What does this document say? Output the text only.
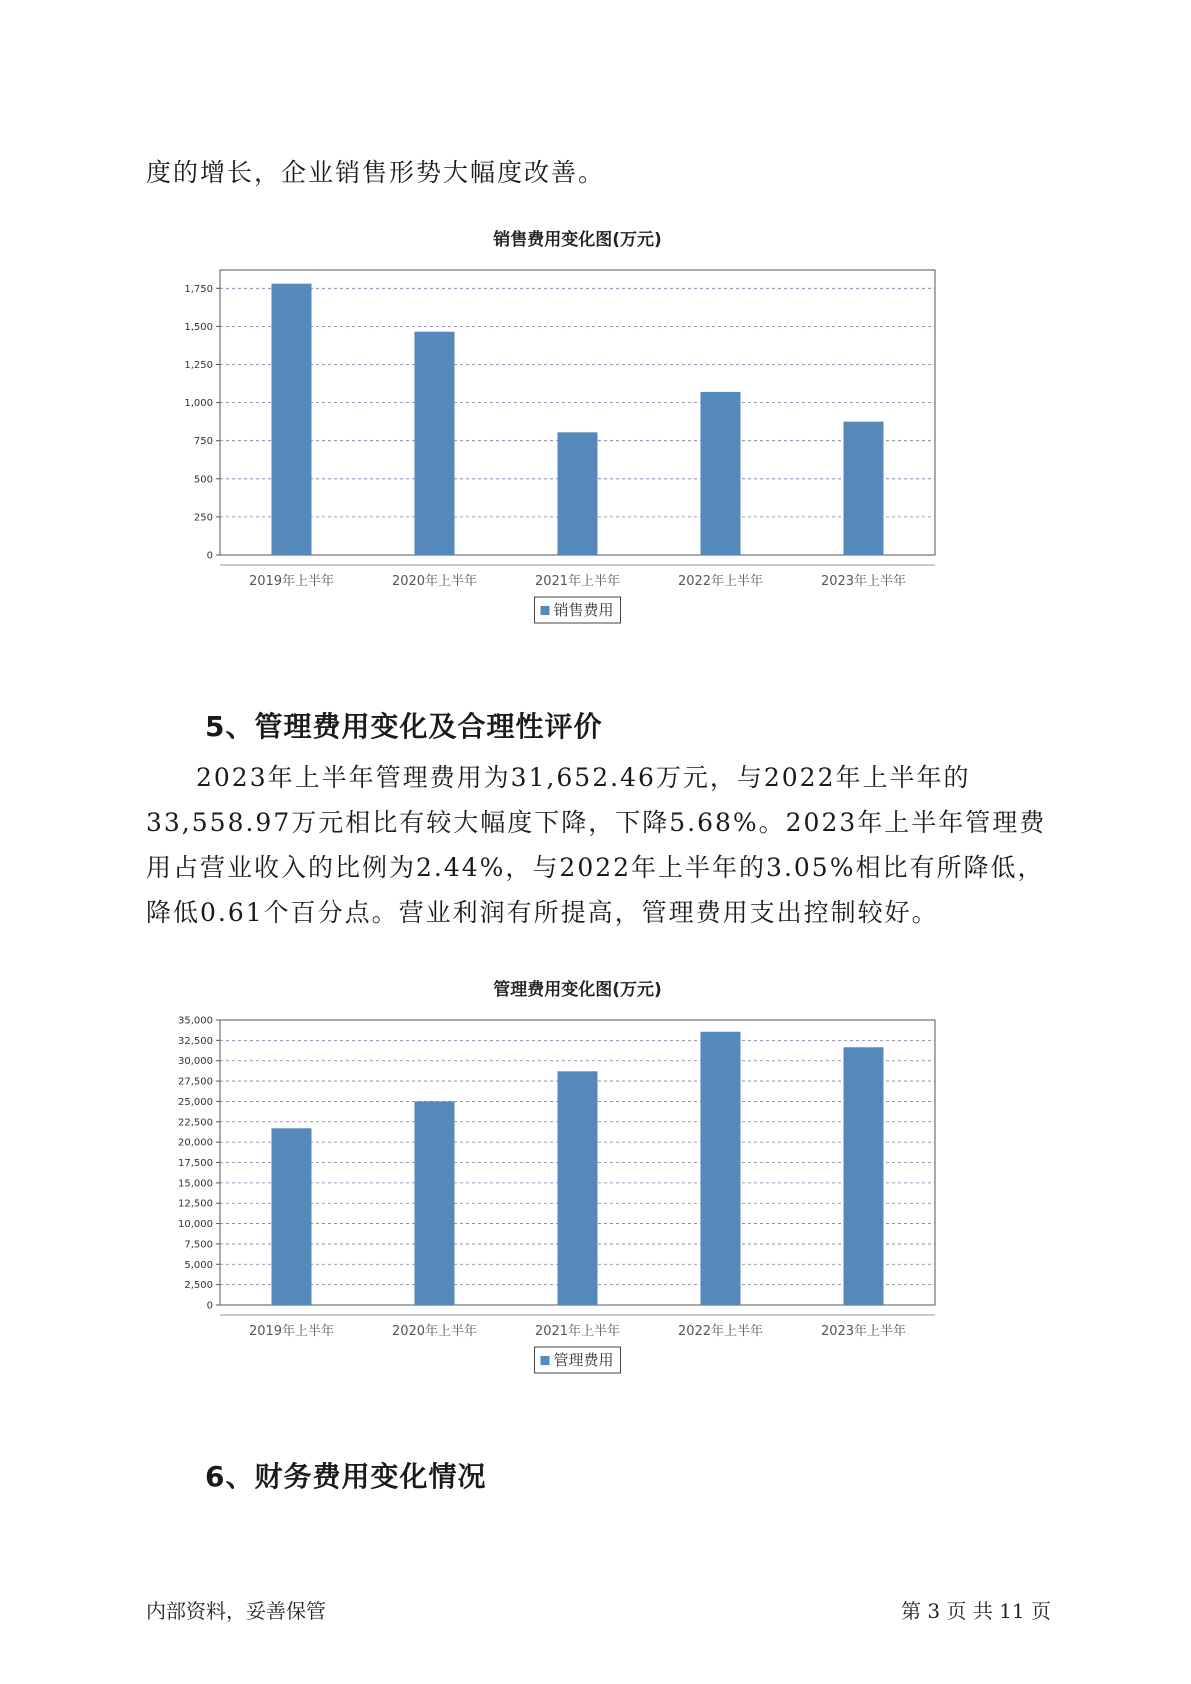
度的增长，企业销售形势大幅度改善。

销售费用变化图(万元)
0
250
500
750
1,000
1,250
1,500
1,750
2019年上半年	2020年上半年	2021年上半年	2022年上半年	2023年上半年
销售费用
5、管理费用变化及合理性评价

2023年上半年管理费用为31,652.46万元，与2022年上半年的33,558.97万元相比有较大幅度下降，下降5.68%。2023年上半年管理费用占营业收入的比例为2.44%，与2022年上半年的3.05%相比有所降低，降低0.61个百分点。营业利润有所提高，管理费用支出控制较好。

管理费用变化图(万元)
0
2,500
5,000
7,500
10,000
12,500
15,000
17,500
20,000
22,500
25,000
27,500
30,000
32,500
35,000
2019年上半年	2020年上半年	2021年上半年	2022年上半年	2023年上半年
管理费用
6、财务费用变化情况
内部资料，妥善保管	第 3 页 共 11 页
